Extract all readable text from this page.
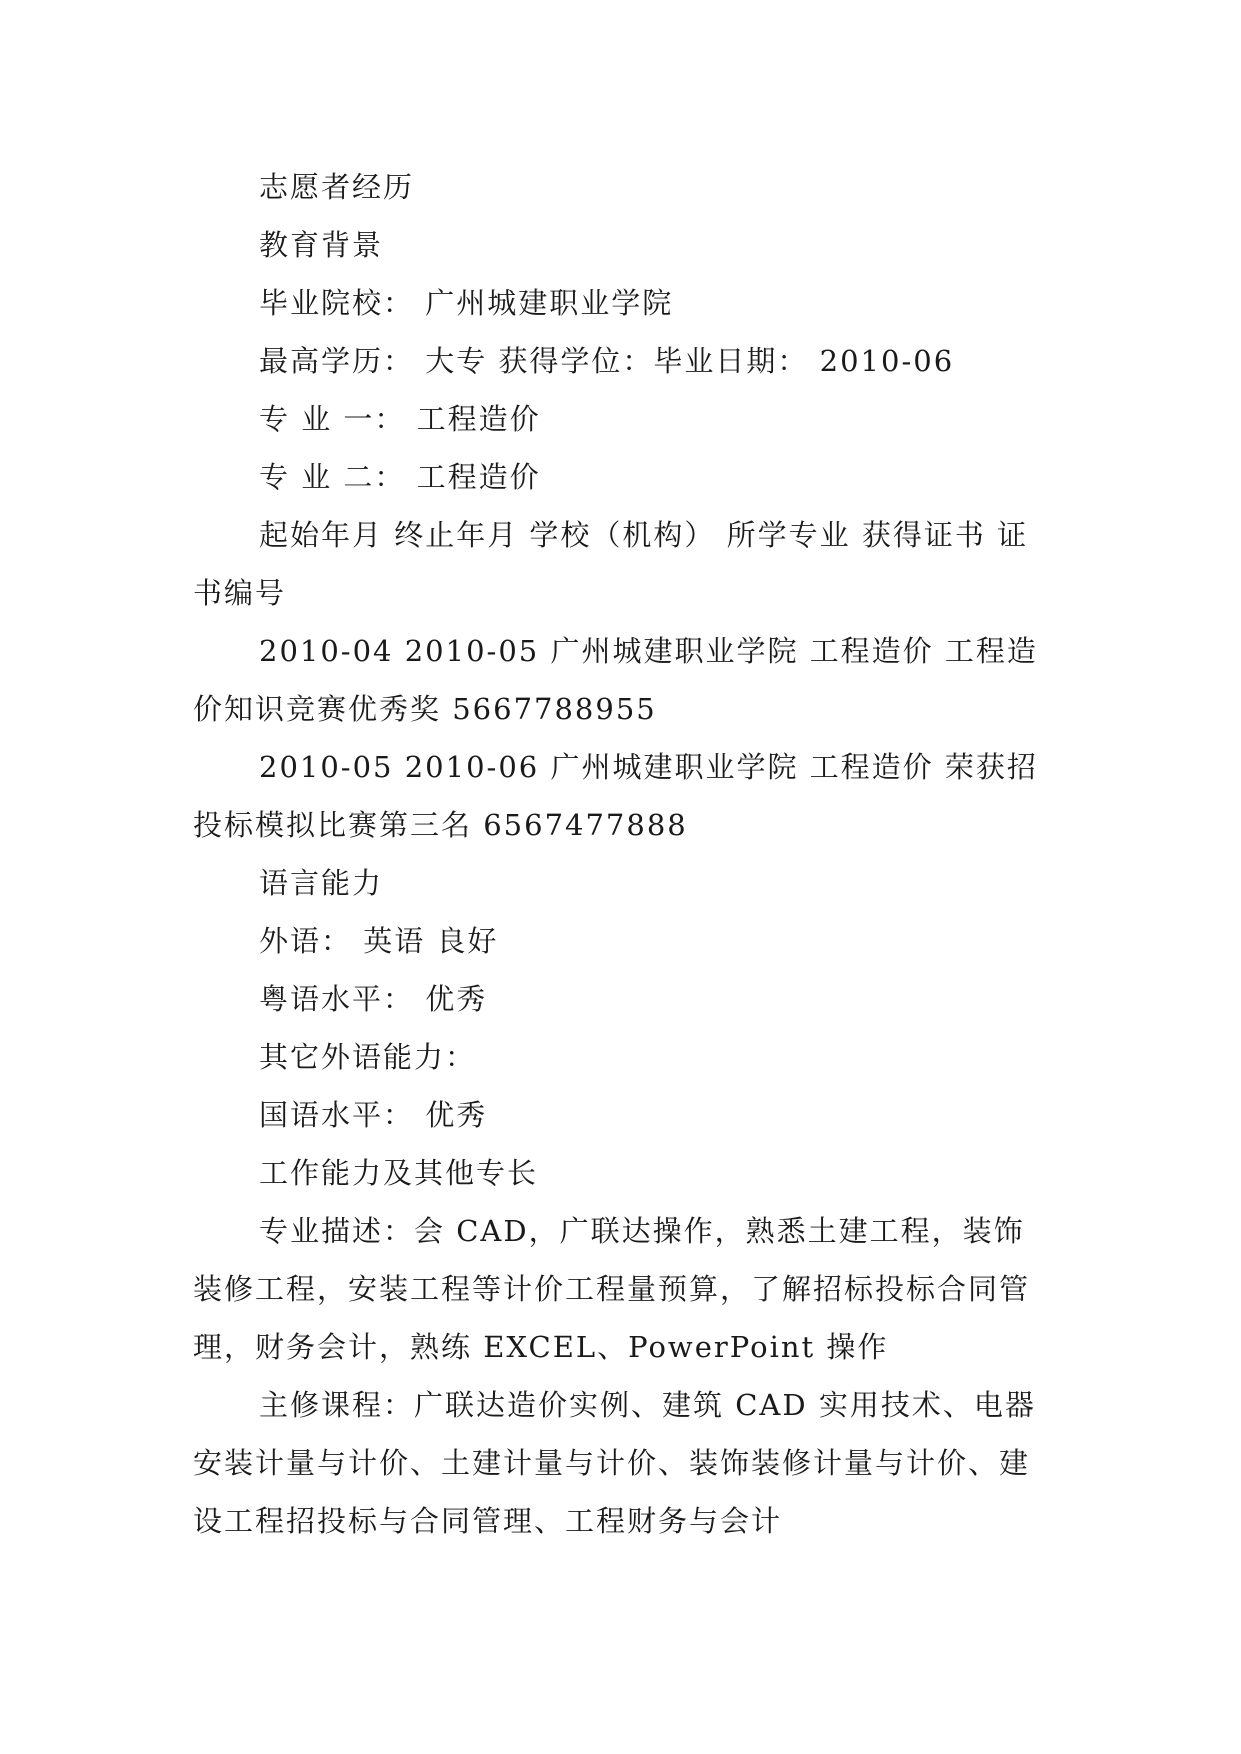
志愿者经历

教育背景

毕业院校： 广州城建职业学院

最高学历： 大专 获得学位：毕业日期： 2010-06

专 业 一： 工程造价

专 业 二： 工程造价

起始年月 终止年月 学校（机构） 所学专业 获得证书 证书编号

2010-04 2010-05 广州城建职业学院 工程造价 工程造价知识竞赛优秀奖 5667788955

2010-05 2010-06 广州城建职业学院 工程造价 荣获招投标模拟比赛第三名 6567477888

语言能力

外语： 英语 良好

粤语水平： 优秀

其它外语能力：

国语水平： 优秀

工作能力及其他专长

专业描述：会 CAD，广联达操作，熟悉土建工程，装饰装修工程，安装工程等计价工程量预算，了解招标投标合同管理，财务会计，熟练 EXCEL、PowerPoint 操作

主修课程：广联达造价实例、建筑 CAD 实用技术、电器安装计量与计价、土建计量与计价、装饰装修计量与计价、建设工程招投标与合同管理、工程财务与会计
